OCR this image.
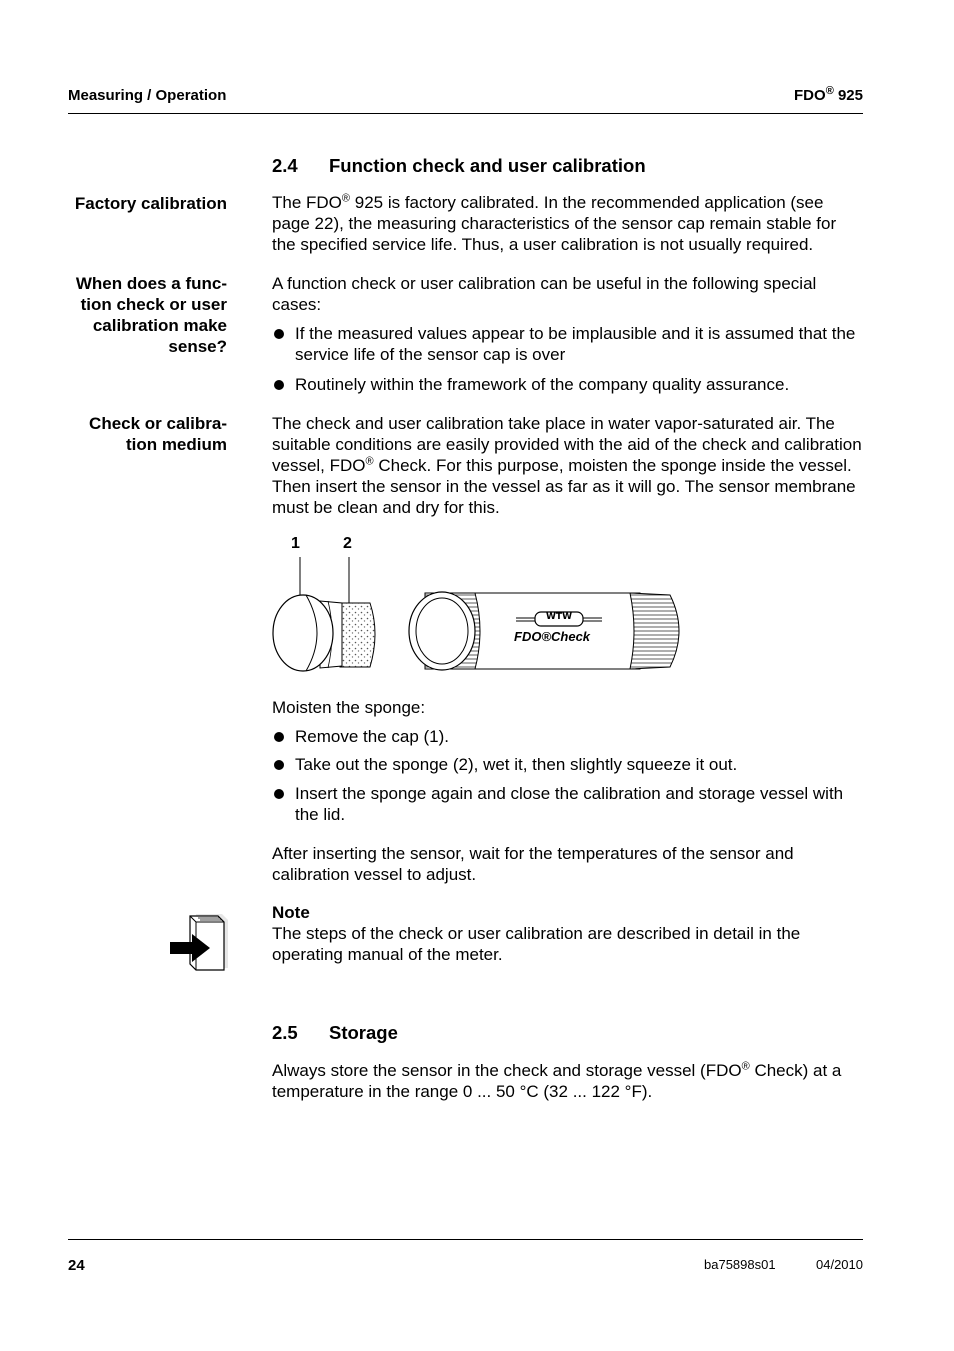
Measuring / Operation	FDO® 925
2.4 Function check and user calibration
Factory calibration	The FDO® 925 is factory calibrated. In the recommended application (see page 22), the measuring characteristics of the sensor cap remain stable for the specified service life. Thus, a user calibration is not usually required.
When does a func-
tion check or user
calibration make
sense?
A function check or user calibration can be useful in the following special cases:
If the measured values appear to be implausible and it is assumed that the service life of the sensor cap is over
Routinely within the framework of the company quality assurance.
Check or calibra-
tion medium
The check and user calibration take place in water vapor-saturated air. The suitable conditions are easily provided with the aid of the check and calibration vessel, FDO® Check. For this purpose, moisten the sponge inside the vessel. Then insert the sensor in the vessel as far as it will go. The sensor membrane must be clean and dry for this.
1	2
WTW
FDO®Check
Moisten the sponge:
Remove the cap (1).
Take out the sponge (2), wet it, then slightly squeeze it out.
Insert the sponge again and close the calibration and storage vessel with the lid.
After inserting the sensor, wait for the temperatures of the sensor and calibration vessel to adjust.
Note
The steps of the check or user calibration are described in detail in the operating manual of the meter.
2.5 Storage
Always store the sensor in the check and storage vessel (FDO® Check) at a temperature in the range 0 ... 50 °C (32 ... 122 °F).
24	ba75898s01	04/2010
